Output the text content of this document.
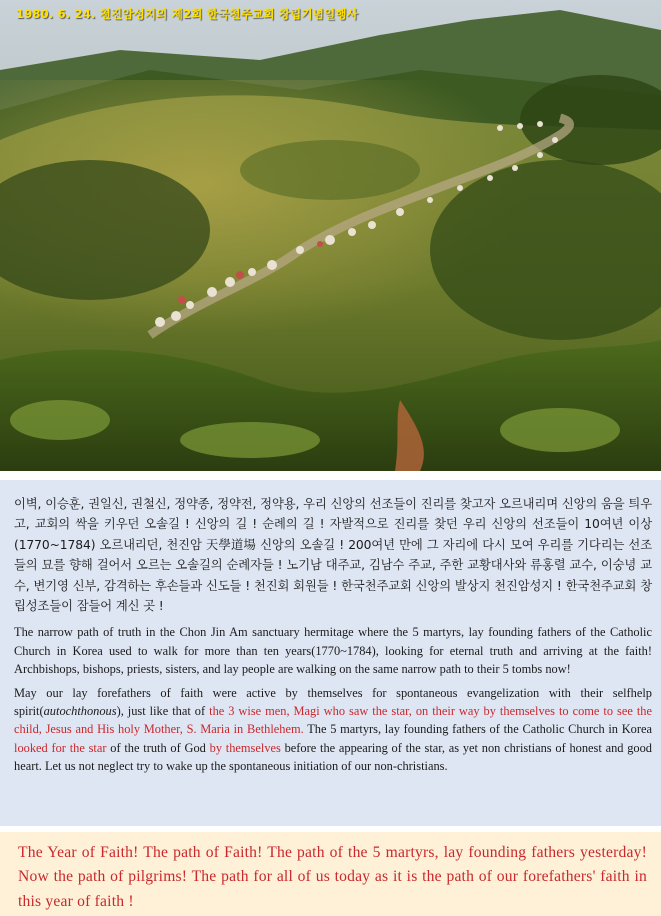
1980. 6. 24. 천진암성지의 제2회 한국천주교회 창립기념일행사

이벽, 이승훈, 권일신, 권철신, 정약종, 정약전, 정약용, 우리 신앙의 선조들이 진리를 찾고자 오르내리며 신앙의 움을 틔우고, 교회의 싹을 키우던 오솔길 ! 신앙의 길 ! 순례의 길 ! 자발적으로 진리를 찾던 우리 신앙의 선조들이 10여년 이상(1770~1784) 오르내리던, 천진암 天學道場 신앙의 오솔길 ! 200여년 만에 그 자리에 다시 모여 우리를 기다리는 선조들의 묘를 향해 걸어서 오르는 오솔길의 순례자들 ! 노기남 대주교, 김남수 주교, 주한 교황대사와 류홍렬 교수, 이숭녕 교수, 변기영 신부, 감격하는 후손들과 신도들 ! 천진회 회원들 ! 한국천주교회 신앙의 발상지 천진암성지 ! 한국천주교회 창립성조들이 잠들어 계신 곳 !

The narrow path of truth in the Chon Jin Am sanctuary hermitage where the 5 martyrs, lay founding fathers of the Catholic Church in Korea used to walk for more than ten years(1770~1784), looking for eternal truth and arriving at the faith! Archbishops, bishops, priests, sisters, and lay people are walking on the same narrow path to their 5 tombs now!

May our lay forefathers of faith were active by themselves for spontaneous evangelization with their selfhelp spirit(autochthonous), just like that of the 3 wise men, Magi who saw the star, on their way by themselves to come to see the child, Jesus and His holy Mother, S. Maria in Bethlehem. The 5 martyrs, lay founding fathers of the Catholic Church in Korea looked for the star of the truth of God by themselves before the appearing of the star, as yet non christians of honest and good heart. Let us not neglect try to wake up the spontaneous initiation of our non-christians.

The Year of Faith! The path of Faith! The path of the 5 martyrs, lay founding fathers yesterday! Now the path of pilgrims! The path for all of us today as it is the path of our forefathers' faith in this year of faith !
